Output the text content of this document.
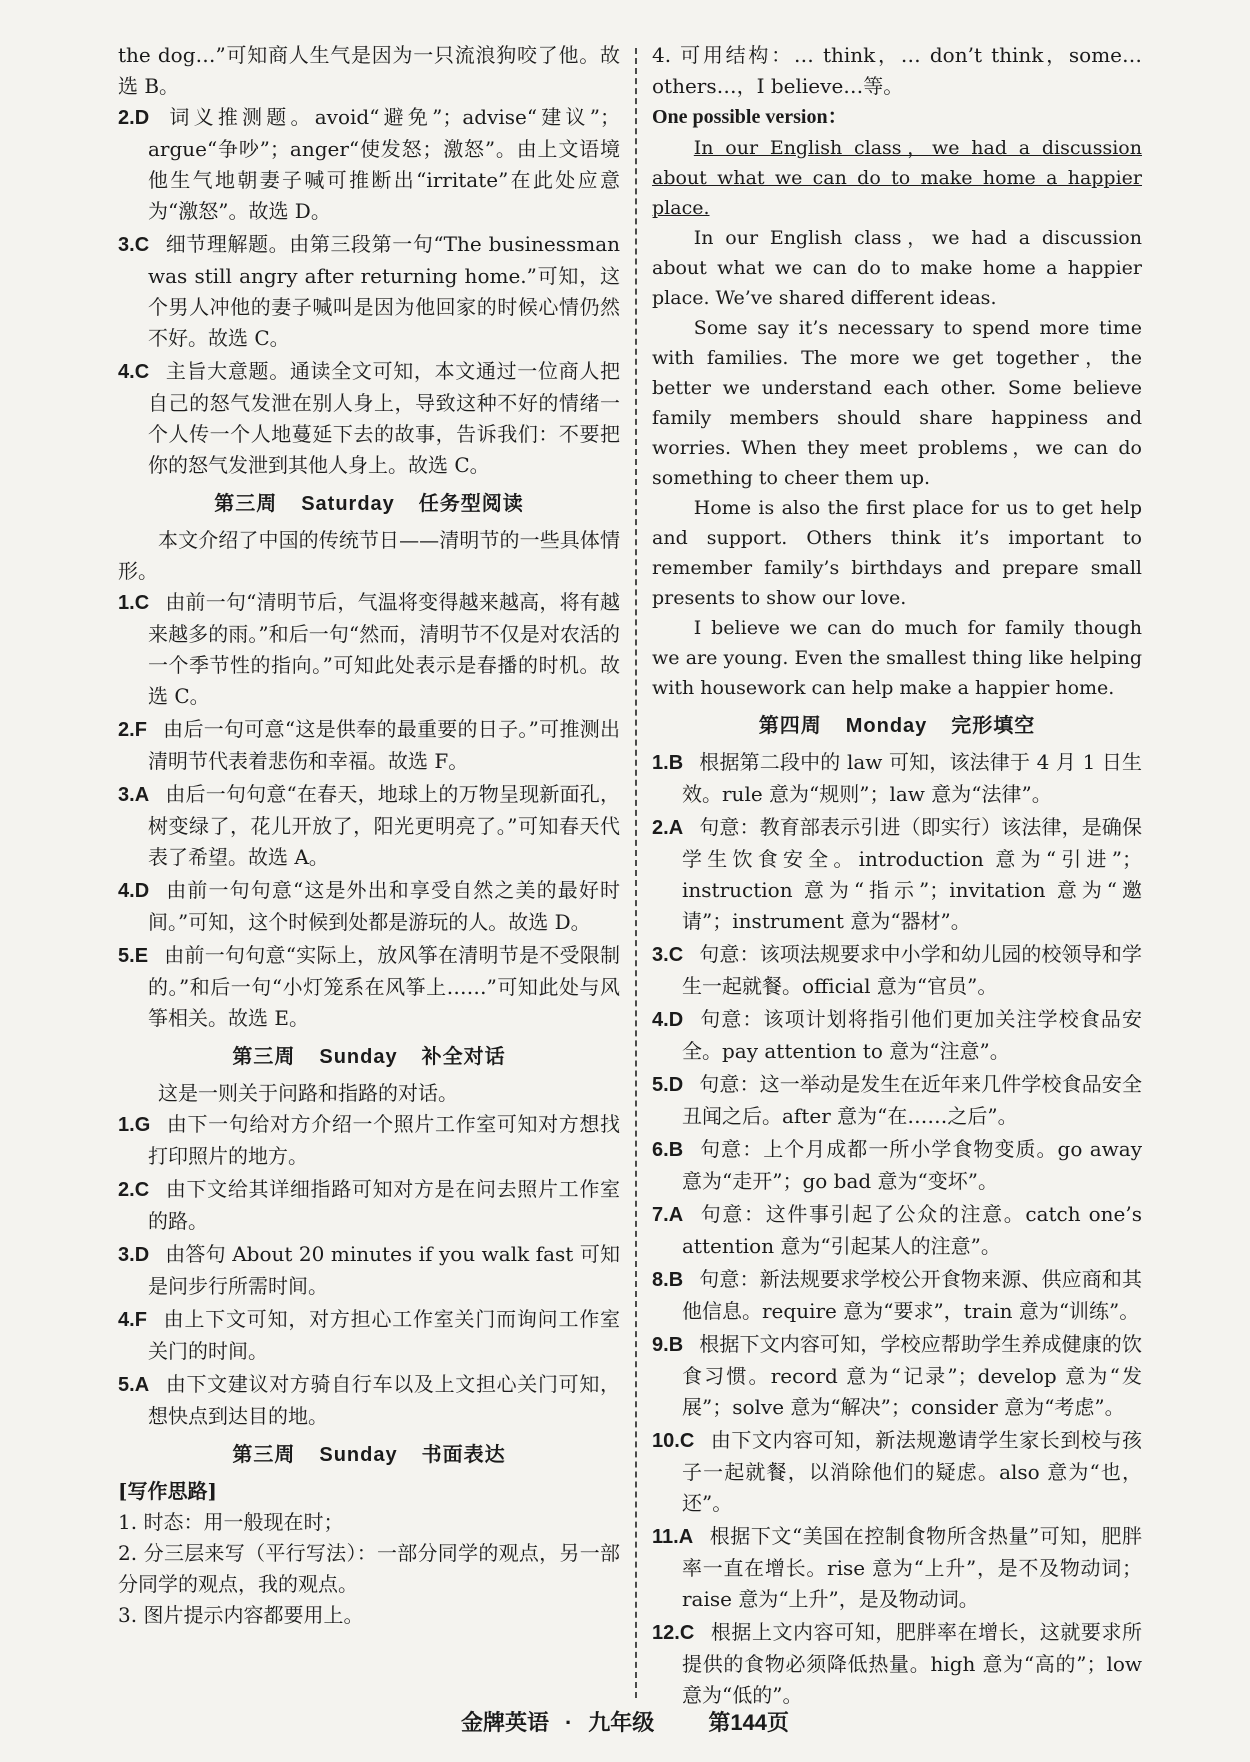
the dog…”可知商人生气是因为一只流浪狗咬了他。故选 B。

2.D 词义推测题。avoid“避免”；advise“建议”；argue“争吵”；anger“使发怒；激怒”。由上文语境他生气地朝妻子喊可推断出“irritate”在此处应意为“激怒”。故选 D。

3.C 细节理解题。由第三段第一句“The businessman was still angry after returning home.”可知，这个男人冲他的妻子喊叫是因为他回家的时候心情仍然不好。故选 C。

4.C 主旨大意题。通读全文可知，本文通过一位商人把自己的怒气发泄在别人身上，导致这种不好的情绪一个人传一个人地蔓延下去的故事，告诉我们：不要把你的怒气发泄到其他人身上。故选 C。

第三周 Saturday 任务型阅读

本文介绍了中国的传统节日——清明节的一些具体情形。

1.C 由前一句“清明节后，气温将变得越来越高，将有越来越多的雨。”和后一句“然而，清明节不仅是对农活的一个季节性的指向。”可知此处表示是春播的时机。故选 C。

2.F 由后一句可意“这是供奉的最重要的日子。”可推测出清明节代表着悲伤和幸福。故选 F。

3.A 由后一句句意“在春天，地球上的万物呈现新面孔，树变绿了，花儿开放了，阳光更明亮了。”可知春天代表了希望。故选 A。

4.D 由前一句句意“这是外出和享受自然之美的最好时间。”可知，这个时候到处都是游玩的人。故选 D。

5.E 由前一句句意“实际上，放风筝在清明节是不受限制的。”和后一句“小灯笼系在风筝上……”可知此处与风筝相关。故选 E。

第三周 Sunday 补全对话

这是一则关于问路和指路的对话。

1.G 由下一句给对方介绍一个照片工作室可知对方想找打印照片的地方。

2.C 由下文给其详细指路可知对方是在问去照片工作室的路。

3.D 由答句 About 20 minutes if you walk fast 可知是问步行所需时间。

4.F 由上下文可知，对方担心工作室关门而询问工作室关门的时间。

5.A 由下文建议对方骑自行车以及上文担心关门可知，想快点到达目的地。

第三周 Sunday 书面表达

[写作思路]

1. 时态：用一般现在时；

2. 分三层来写（平行写法）：一部分同学的观点，另一部分同学的观点，我的观点。

3. 图片提示内容都要用上。

4. 可用结构：… think，… don’t think，some… others…，I believe…等。

One possible version：

In our English class，we had a discussion about what we can do to make home a happier place.

In our English class，we had a discussion about what we can do to make home a happier place. We’ve shared different ideas.

Some say it’s necessary to spend more time with families. The more we get together，the better we understand each other. Some believe family members should share happiness and worries. When they meet problems，we can do something to cheer them up.

Home is also the first place for us to get help and support. Others think it’s important to remember family’s birthdays and prepare small presents to show our love.

I believe we can do much for family though we are young. Even the smallest thing like helping with housework can help make a happier home.

第四周 Monday 完形填空

1.B 根据第二段中的 law 可知，该法律于 4 月 1 日生效。rule 意为“规则”；law 意为“法律”。

2.A 句意：教育部表示引进（即实行）该法律，是确保学生饮食安全。introduction 意为“引进”；instruction 意为“指示”；invitation 意为“邀请”；instrument 意为“器材”。

3.C 句意：该项法规要求中小学和幼儿园的校领导和学生一起就餐。official 意为“官员”。

4.D 句意：该项计划将指引他们更加关注学校食品安全。pay attention to 意为“注意”。

5.D 句意：这一举动是发生在近年来几件学校食品安全丑闻之后。after 意为“在……之后”。

6.B 句意：上个月成都一所小学食物变质。go away 意为“走开”；go bad 意为“变坏”。

7.A 句意：这件事引起了公众的注意。catch one’s attention 意为“引起某人的注意”。

8.B 句意：新法规要求学校公开食物来源、供应商和其他信息。require 意为“要求”，train 意为“训练”。

9.B 根据下文内容可知，学校应帮助学生养成健康的饮食习惯。record 意为“记录”；develop 意为“发展”；solve 意为“解决”；consider 意为“考虑”。

10.C 由下文内容可知，新法规邀请学生家长到校与孩子一起就餐，以消除他们的疑虑。also 意为“也，还”。

11.A 根据下文“美国在控制食物所含热量”可知，肥胖率一直在增长。rise 意为“上升”，是不及物动词；raise 意为“上升”，是及物动词。

12.C 根据上文内容可知，肥胖率在增长，这就要求所提供的食物必须降低热量。high 意为“高的”；low 意为“低的”。

金牌英语 · 九年级 第144页
